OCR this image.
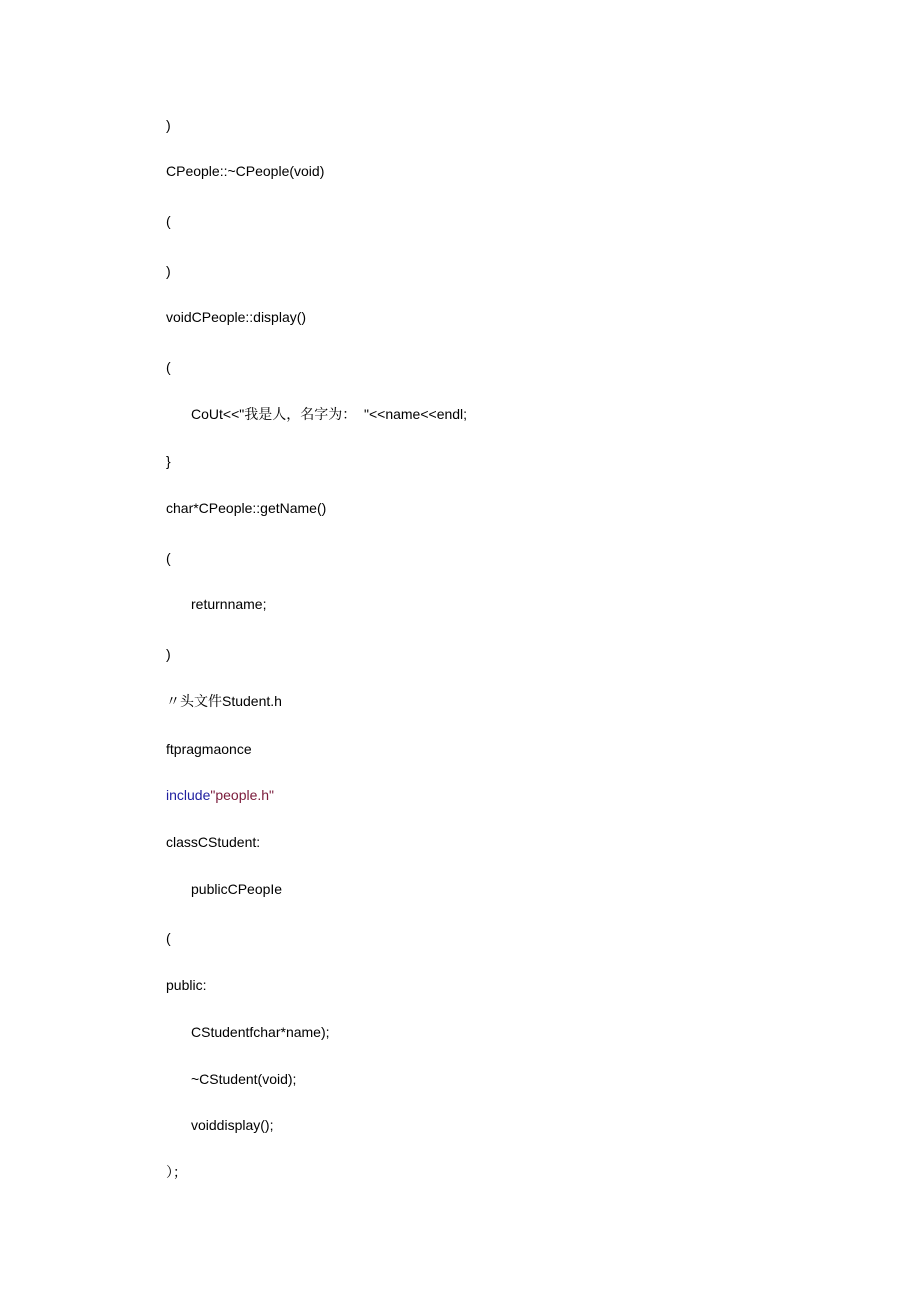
)
CPeople::~CPeople(void)
(
)
voidCPeople::display()
(
CoUt<<"我是人，名字为：  "<<name<<endl;
}
char*CPeople::getName()
(
returnname;
)
〃头文件Student.h
ftpragmaonce
include"people.h"
classCStudent:
publicCPeopIe
(
public:
CStudentfchar*name);
~CStudent(void);
voiddisplay();
）；
